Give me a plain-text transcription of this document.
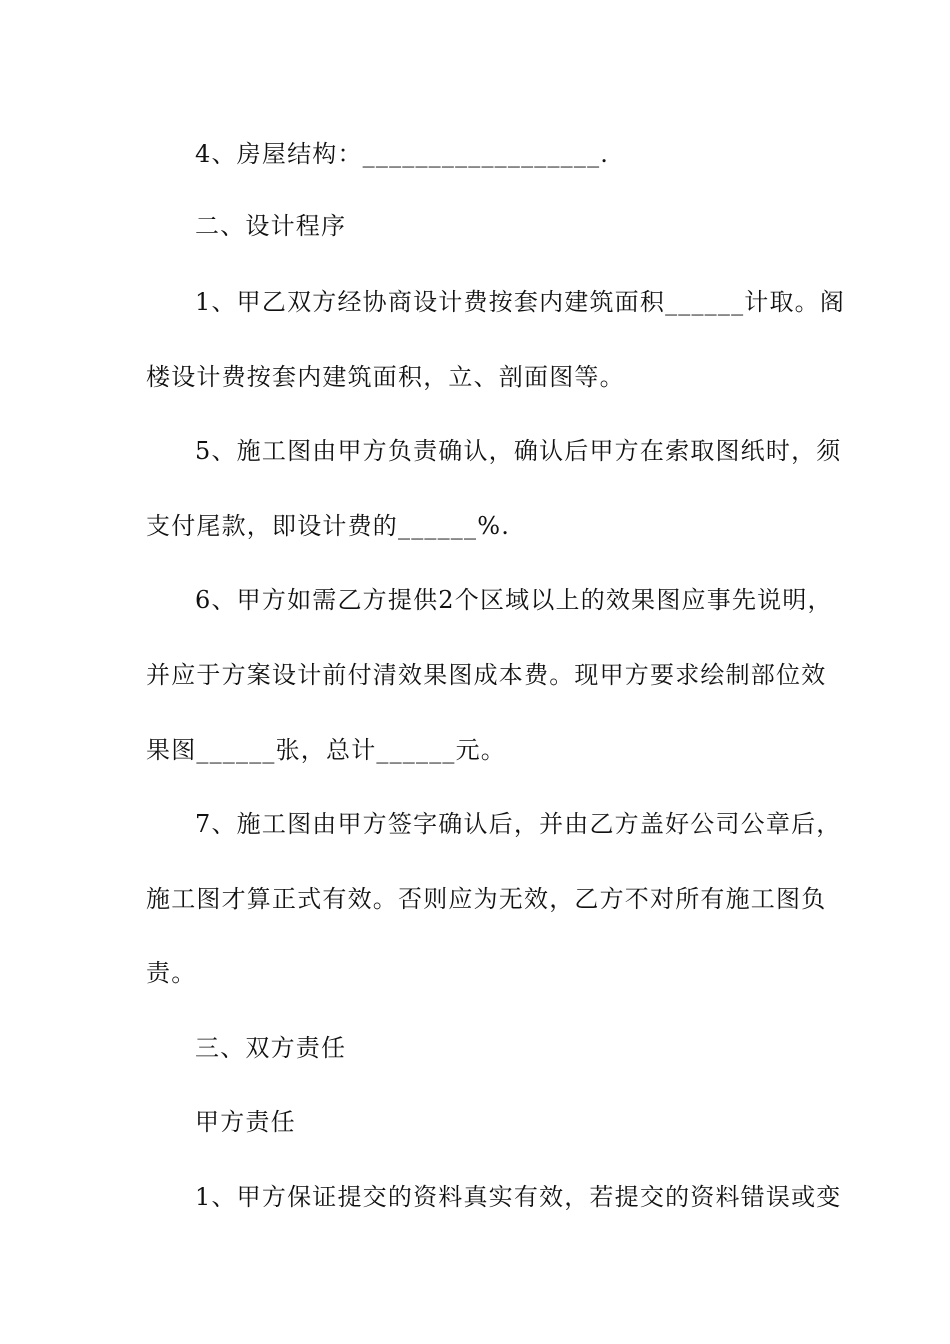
4、房屋结构：__________________.
二、设计程序
1、甲乙双方经协商设计费按套内建筑面积______计取。阁
楼设计费按套内建筑面积，立、剖面图等。
5、施工图由甲方负责确认，确认后甲方在索取图纸时，须
支付尾款，即设计费的______%.
6、甲方如需乙方提供2个区域以上的效果图应事先说明，
并应于方案设计前付清效果图成本费。现甲方要求绘制部位效
果图______张，总计______元。
7、施工图由甲方签字确认后，并由乙方盖好公司公章后，
施工图才算正式有效。否则应为无效，乙方不对所有施工图负
责。
三、双方责任
甲方责任
1、甲方保证提交的资料真实有效，若提交的资料错误或变
